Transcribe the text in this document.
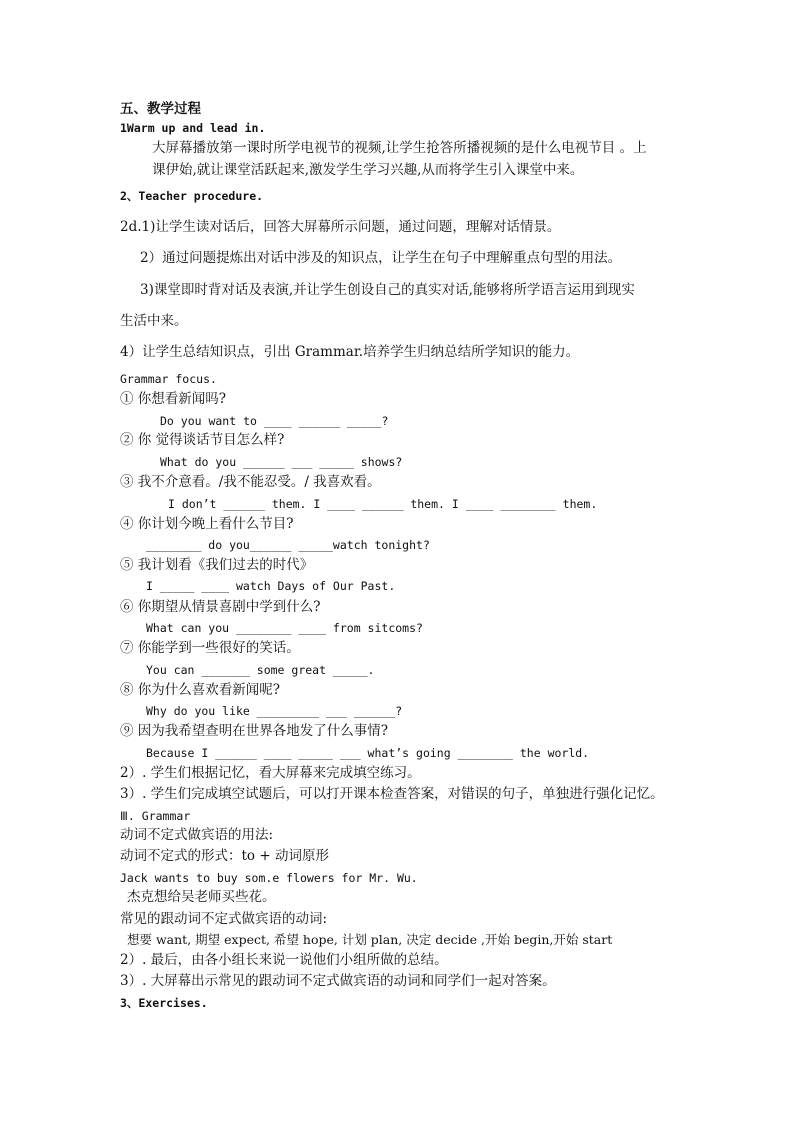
五、教学过程
1Warm up and lead in.
大屏幕播放第一课时所学电视节的视频,让学生抢答所播视频的是什么电视节目 。上
课伊始,就让课堂活跃起来,激发学生学习兴趣,从而将学生引入课堂中来。
2、Teacher procedure.
2d.1)让学生读对话后，回答大屏幕所示问题，通过问题，理解对话情景。
2）通过问题提炼出对话中涉及的知识点，让学生在句子中理解重点句型的用法。
3)课堂即时背对话及表演,并让学生创设自己的真实对话,能够将所学语言运用到现实
生活中来。
4）让学生总结知识点，引出 Grammar.培养学生归纳总结所学知识的能力。
Grammar focus.
① 你想看新闻吗?
Do you want to ____ ______ _____?
② 你 觉得谈话节目怎么样?
What do you ______ ___ _____ shows?
③ 我不介意看。/我不能忍受。/ 我喜欢看。
I don’t ______ them. I ____ ______ them. I ____ ________ them.
④ 你计划今晚上看什么节目?
________ do you______ _____watch tonight?
⑤ 我计划看《我们过去的时代》
I _____ ____ watch Days of Our Past.
⑥ 你期望从情景喜剧中学到什么?
What can you ________ ____ from sitcoms?
⑦ 你能学到一些很好的笑话。
You can _______ some great _____.
⑧ 你为什么喜欢看新闻呢?
Why do you like _________ ___ ______?
⑨ 因为我希望查明在世界各地发了什么事情?
Because I ______ ____ _____ ___ what’s going ________ the world.
2）. 学生们根据记忆，看大屏幕来完成填空练习。
3）. 学生们完成填空试题后，可以打开课本检查答案，对错误的句子，单独进行强化记忆。
Ⅲ. Grammar
动词不定式做宾语的用法:
动词不定式的形式：to + 动词原形
Jack wants to buy som.e flowers for Mr. Wu.
杰克想给吴老师买些花。
常见的跟动词不定式做宾语的动词:
想要 want, 期望 expect, 希望 hope, 计划 plan, 决定 decide ,开始 begin,开始 start
2）. 最后，由各小组长来说一说他们小组所做的总结。
3）. 大屏幕出示常见的跟动词不定式做宾语的动词和同学们一起对答案。
3、Exercises.
